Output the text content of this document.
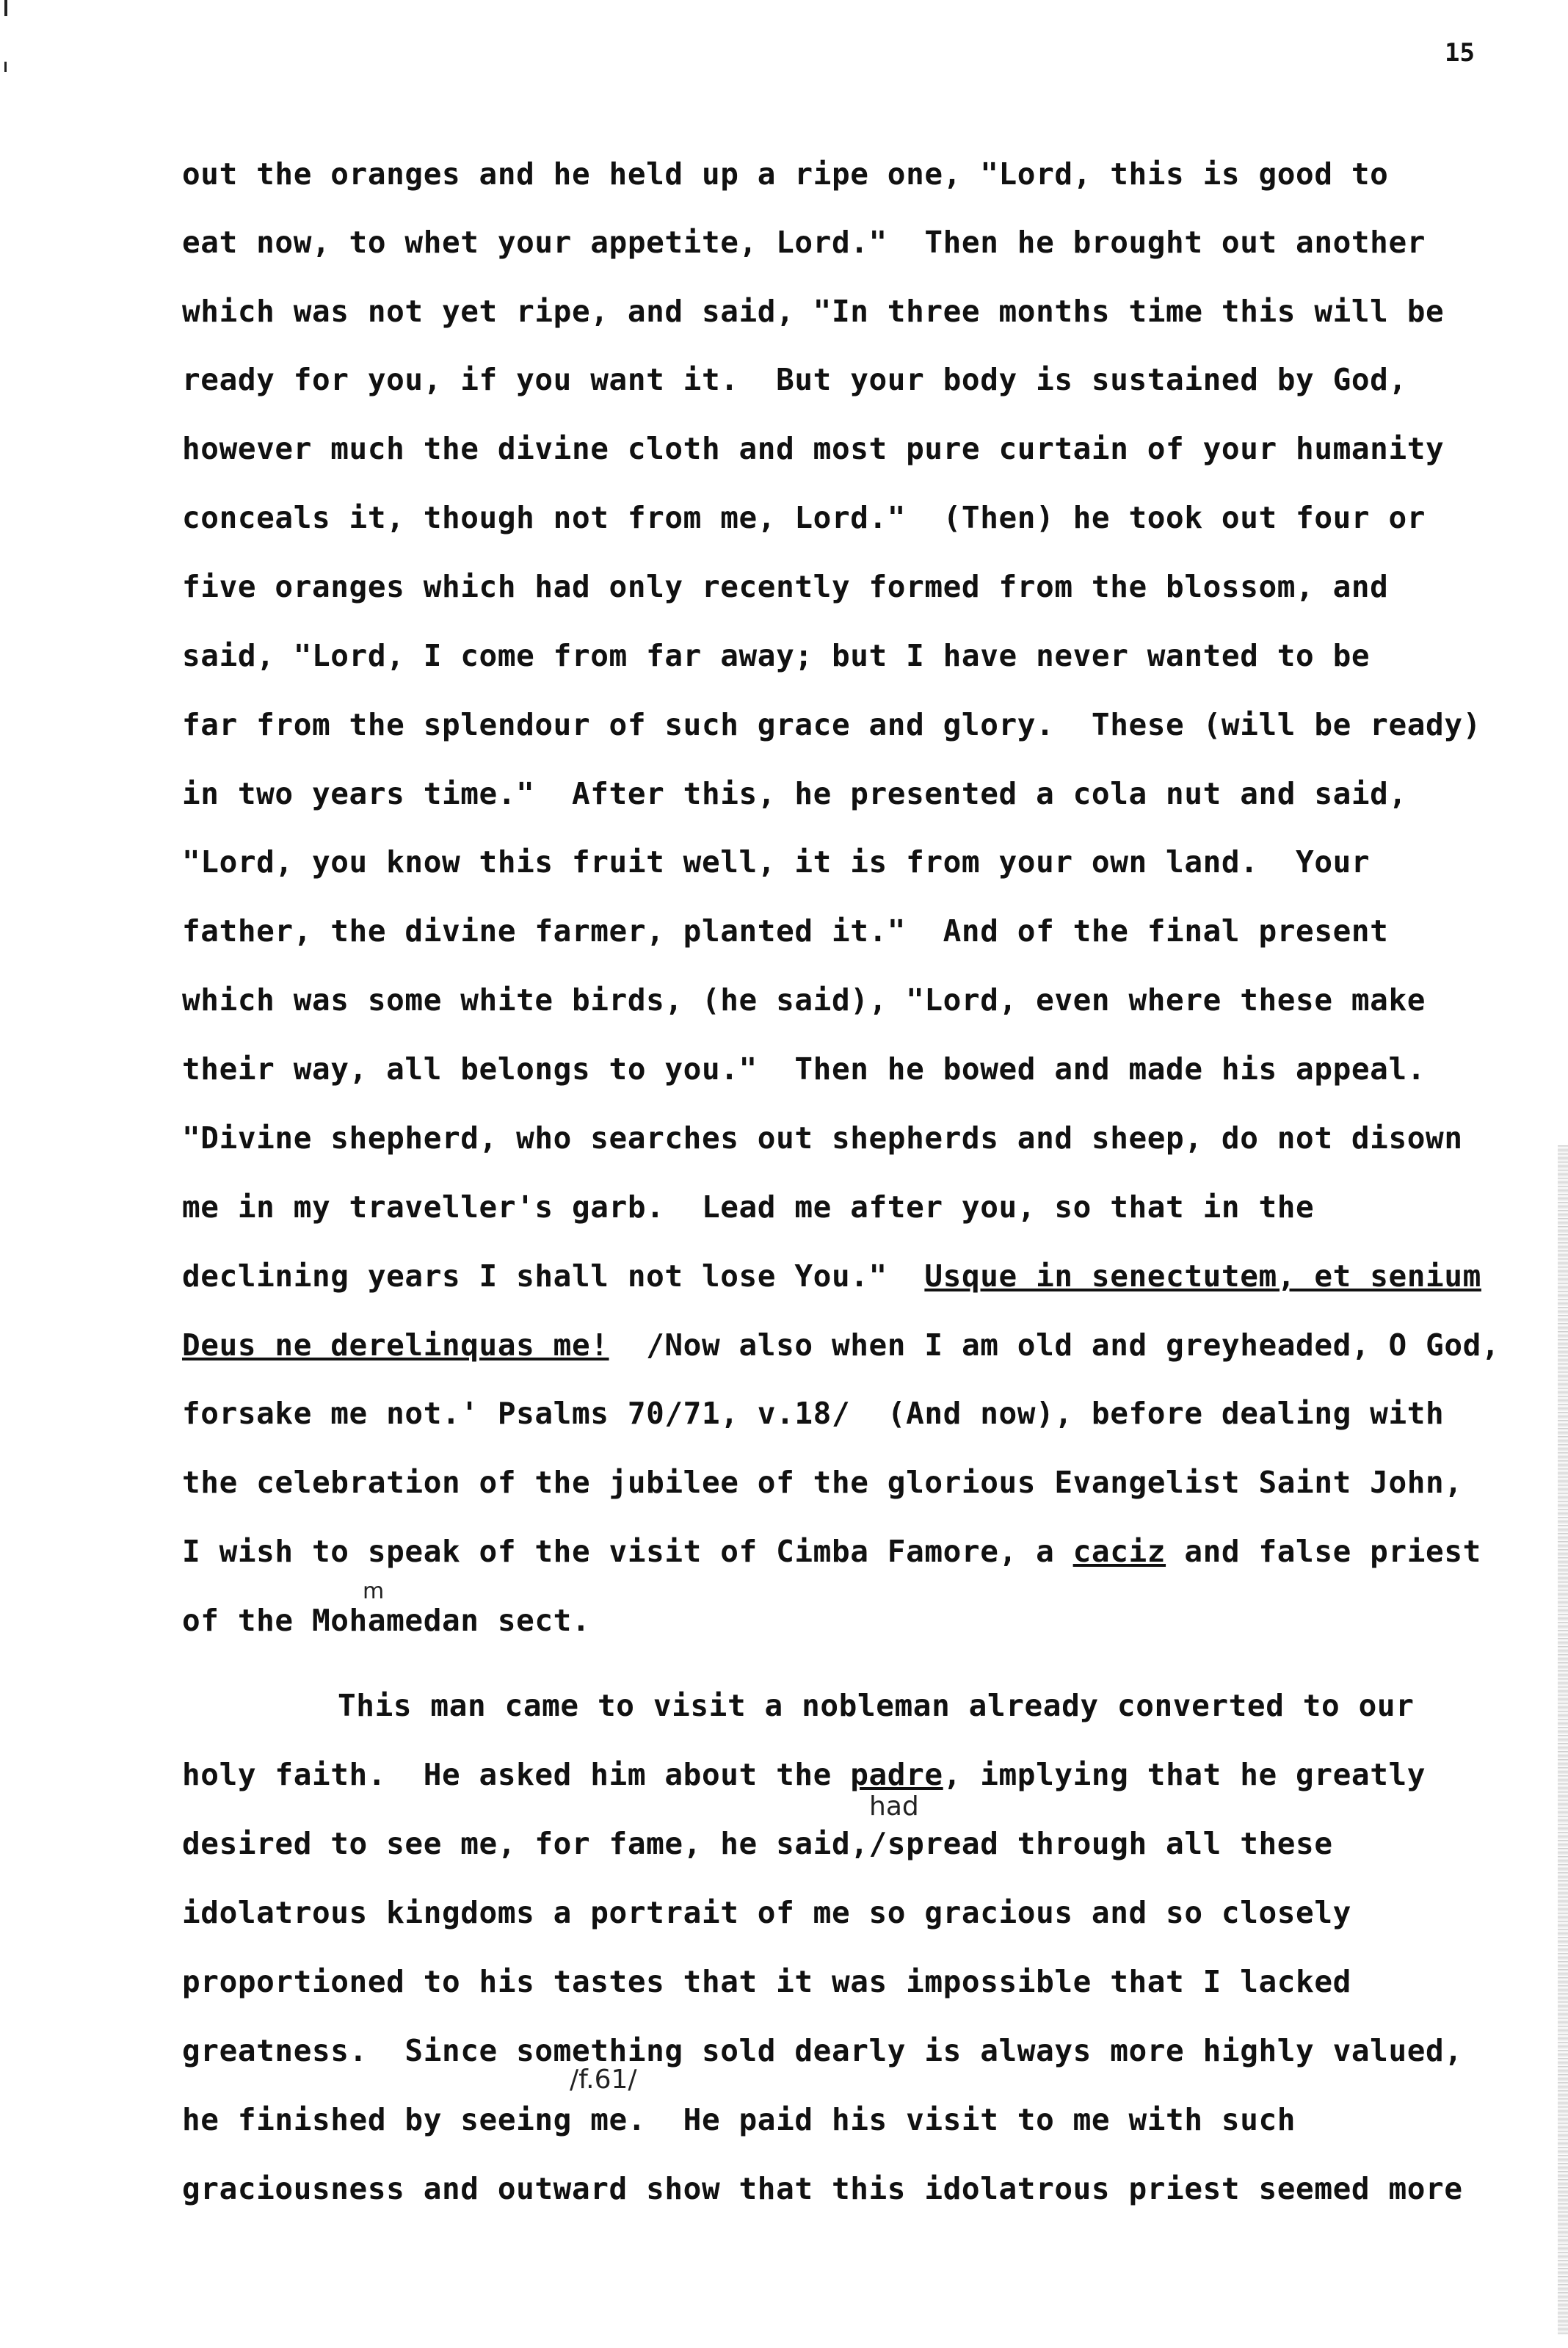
15
out the oranges and he held up a ripe one, "Lord, this is good to
eat now, to whet your appetite, Lord."  Then he brought out another
which was not yet ripe, and said, "In three months time this will be
ready for you, if you want it.  But your body is sustained by God,
however much the divine cloth and most pure curtain of your humanity
conceals it, though not from me, Lord."  (Then) he took out four or
five oranges which had only recently formed from the blossom, and
said, "Lord, I come from far away; but I have never wanted to be
far from the splendour of such grace and glory.  These (will be ready)
in two years time."  After this, he presented a cola nut and said,
"Lord, you know this fruit well, it is from your own land.  Your
father, the divine farmer, planted it."  And of the final present
which was some white birds, (he said), "Lord, even where these make
their way, all belongs to you."  Then he bowed and made his appeal.
"Divine shepherd, who searches out shepherds and sheep, do not disown
me in my traveller's garb.  Lead me after you, so that in the
declining years I shall not lose You."  Usque in senectutem, et senium
Deus ne derelinquas me!  /Now also when I am old and greyheaded, O God,
forsake me not.' Psalms 70/71, v.18/  (And now), before dealing with
the celebration of the jubilee of the glorious Evangelist Saint John,
I wish to speak of the visit of Cimba Famore, a caciz and false priest
m
of the Mohamedan sect.
This man came to visit a nobleman already converted to our
holy faith.  He asked him about the padre, implying that he greatly
had
desired to see me, for fame, he said,/spread through all these
idolatrous kingdoms a portrait of me so gracious and so closely
proportioned to his tastes that it was impossible that I lacked
greatness.  Since something sold dearly is always more highly valued,
/f.61/
he finished by seeing me.  He paid his visit to me with such
graciousness and outward show that this idolatrous priest seemed more
